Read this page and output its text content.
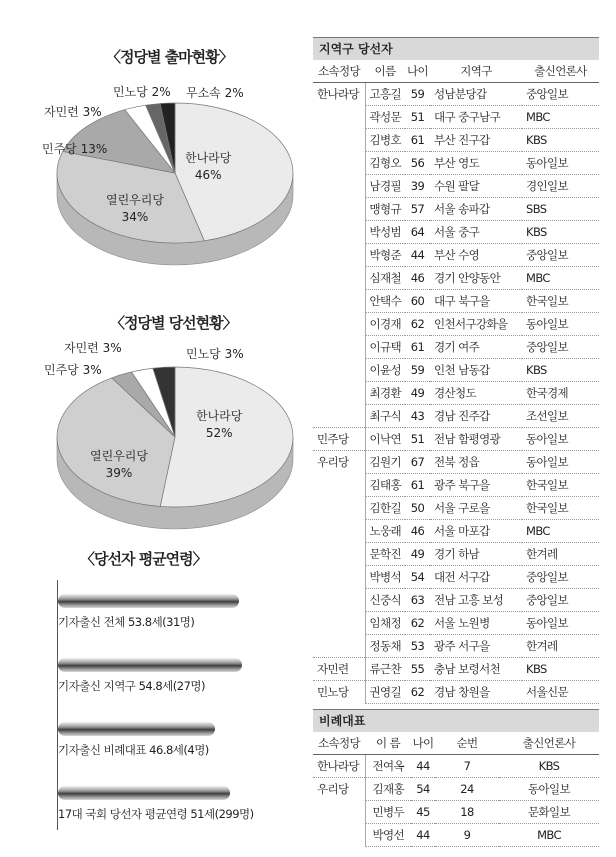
〈정당별 출마현황〉
한나라당
46%
열린우리당
34%
민주당 13%
자민련 3%
민노당 2% 무소속 2%
〈정당별 당선현황〉
한나라당
52%
열린우리당
39%
민주당 3%
자민련 3%	민노당 3%
〈당선자 평균연령〉
기자출신 전체 53.8세(31명)
기자출신 지역구 54.8세(27명)
기자출신 비례대표 46.8세(4명)
17대 국회 당선자 평균연령 51세(299명)
지역구 당선자
소속정당	이름	나이	지역구	출신언론사
한나라당	고흥길	59	성남분당갑	중앙일보
	곽성문	51	대구 중구남구	MBC
	김병호	61	부산 진구갑	KBS
	김형오	56	부산 영도	동아일보
	남경필	39	수원 팔달	경인일보
	맹형규	57	서울 송파갑	SBS
	박성범	64	서울 중구	KBS
	박형준	44	부산 수영	중앙일보
	심재철	46	경기 안양동안	MBC
	안택수	60	대구 북구을	한국일보
	이경재	62	인천서구강화을	동아일보
	이규택	61	경기 여주	중앙일보
	이윤성	59	인천 남동갑	KBS
	최경환	49	경산청도	한국경제
	최구식	43	경남 진주갑	조선일보
민주당	이낙연	51	전남 함평영광	동아일보
우리당	김원기	67	전북 정읍	동아일보
	김태홍	61	광주 북구을	한국일보
	김한길	50	서울 구로을	한국일보
	노웅래	46	서울 마포갑	MBC
	문학진	49	경기 하남	한겨레
	박병석	54	대전 서구갑	중앙일보
	신중식	63	전남 고흥 보성	중앙일보
	임채정	62	서울 노원병	동아일보
	정동채	53	광주 서구을	한겨레
자민련	류근찬	55	충남 보령서천	KBS
민노당	권영길	62	경남 창원을	서울신문
비례대표
소속정당	이 름	나이	순번	출신언론사
한나라당	전여옥	44	7	KBS
우리당	김재홍	54	24	동아일보
	민병두	45	18	문화일보
	박영선	44	9	MBC
